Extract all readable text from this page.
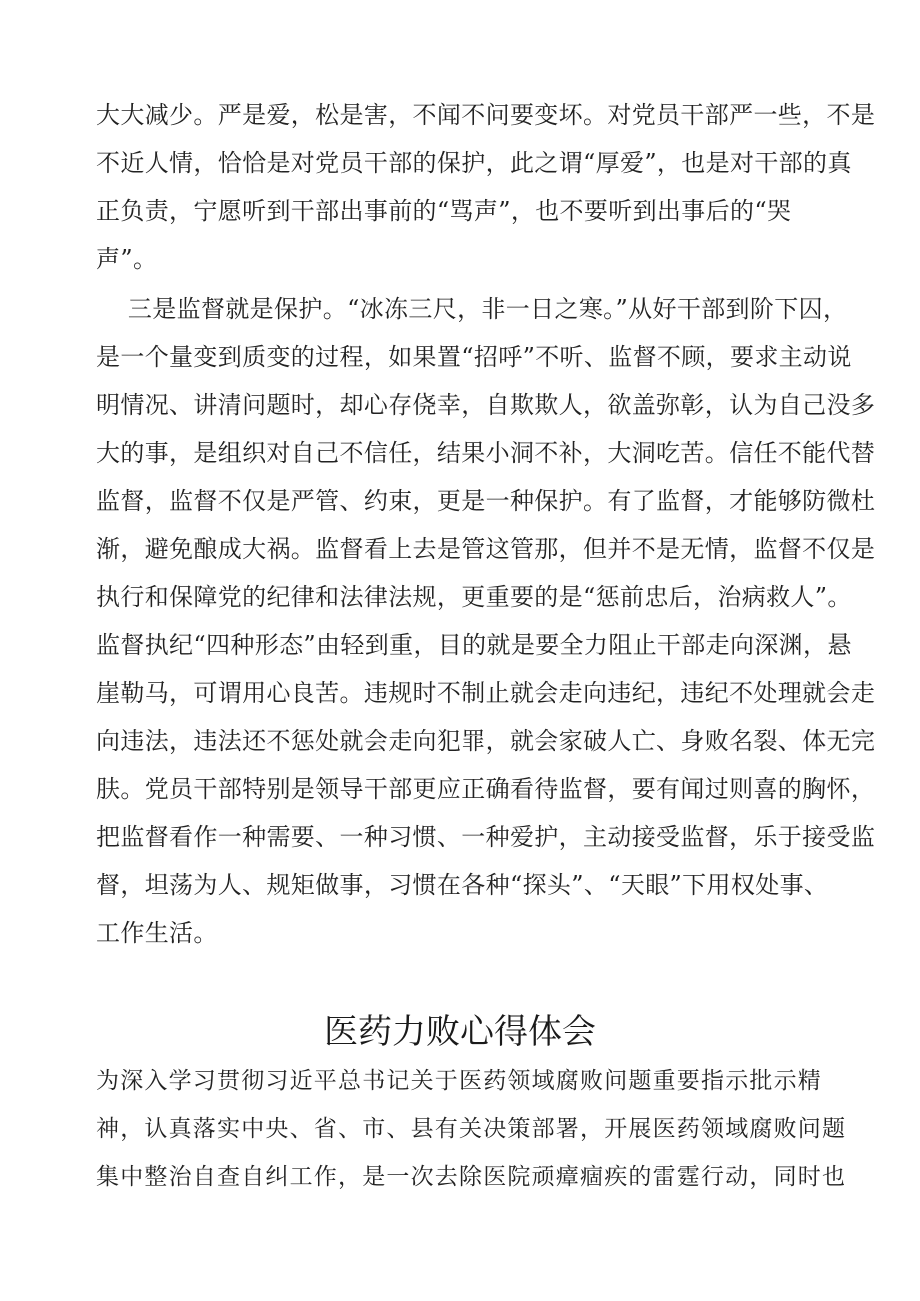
大大减少。严是爱，松是害，不闻不问要变坏。对党员干部严一些，不是
不近人情，恰恰是对党员干部的保护，此之谓“厚爱”，也是对干部的真
正负责，宁愿听到干部出事前的“骂声”，也不要听到出事后的“哭
声”。
三是监督就是保护。“冰冻三尺，非一日之寒。”从好干部到阶下囚，
是一个量变到质变的过程，如果置“招呼”不听、监督不顾，要求主动说
明情况、讲清问题时，却心存侥幸，自欺欺人，欲盖弥彰，认为自己没多
大的事，是组织对自己不信任，结果小洞不补，大洞吃苦。信任不能代替
监督，监督不仅是严管、约束，更是一种保护。有了监督，才能够防微杜
渐，避免酿成大祸。监督看上去是管这管那，但并不是无情，监督不仅是
执行和保障党的纪律和法律法规，更重要的是“惩前忠后，治病救人”。
监督执纪“四种形态”由轻到重，目的就是要全力阻止干部走向深渊，悬
崖勒马，可谓用心良苦。违规时不制止就会走向违纪，违纪不处理就会走
向违法，违法还不惩处就会走向犯罪，就会家破人亡、身败名裂、体无完
肤。党员干部特别是领导干部更应正确看待监督，要有闻过则喜的胸怀，
把监督看作一种需要、一种习惯、一种爱护，主动接受监督，乐于接受监
督，坦荡为人、规矩做事，习惯在各种“探头”、“天眼”下用权处事、
工作生活。
医药力败心得体会
为深入学习贯彻习近平总书记关于医药领域腐败问题重要指示批示精
神，认真落实中央、省、市、县有关决策部署，开展医药领域腐败问题
集中整治自查自纠工作，是一次去除医院顽瘴痼疾的雷霆行动，同时也
